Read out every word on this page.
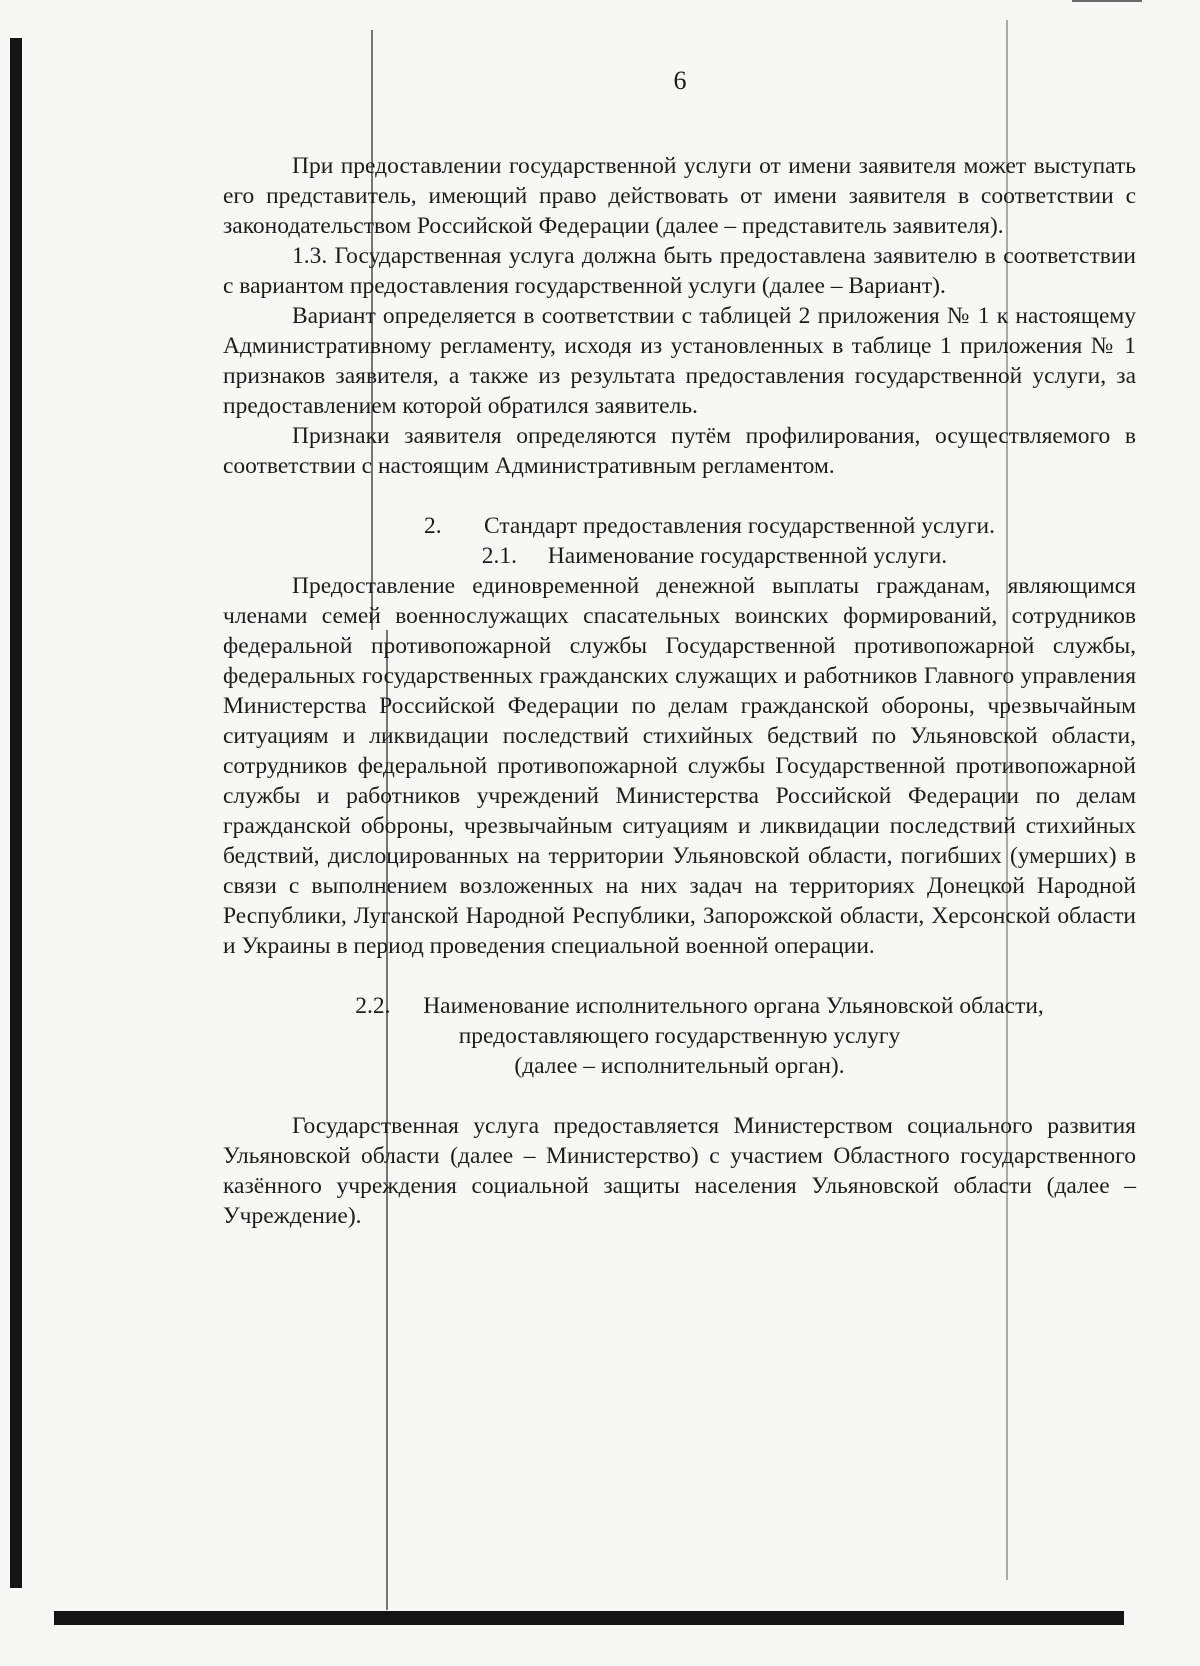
6

При предоставлении государственной услуги от имени заявителя может выступать его представитель, имеющий право действовать от имени заявителя в соответствии с законодательством Российской Федерации (далее – представитель заявителя).

1.3. Государственная услуга должна быть предоставлена заявителю в соответствии с вариантом предоставления государственной услуги (далее – Вариант).

Вариант определяется в соответствии с таблицей 2 приложения № 1 к настоящему Административному регламенту, исходя из установленных в таблице 1 приложения № 1 признаков заявителя, а также из результата предоставления государственной услуги, за предоставлением которой обратился заявитель.

Признаки заявителя определяются путём профилирования, осуществляемого в соответствии с настоящим Административным регламентом.

2. Стандарт предоставления государственной услуги.

2.1. Наименование государственной услуги.

Предоставление единовременной денежной выплаты гражданам, являющимся членами семей военнослужащих спасательных воинских формирований, сотрудников федеральной противопожарной службы Государственной противопожарной службы, федеральных государственных гражданских служащих и работников Главного управления Министерства Российской Федерации по делам гражданской обороны, чрезвычайным ситуациям и ликвидации последствий стихийных бедствий по Ульяновской области, сотрудников федеральной противопожарной службы Государственной противопожарной службы и работников учреждений Министерства Российской Федерации по делам гражданской обороны, чрезвычайным ситуациям и ликвидации последствий стихийных бедствий, дислоцированных на территории Ульяновской области, погибших (умерших) в связи с выполнением возложенных на них задач на территориях Донецкой Народной Республики, Луганской Народной Республики, Запорожской области, Херсонской области и Украины в период проведения специальной военной операции.

2.2. Наименование исполнительного органа Ульяновской области,

предоставляющего государственную услугу

(далее – исполнительный орган).

Государственная услуга предоставляется Министерством социального развития Ульяновской области (далее – Министерство) с участием Областного государственного казённого учреждения социальной защиты населения Ульяновской области (далее – Учреждение).
